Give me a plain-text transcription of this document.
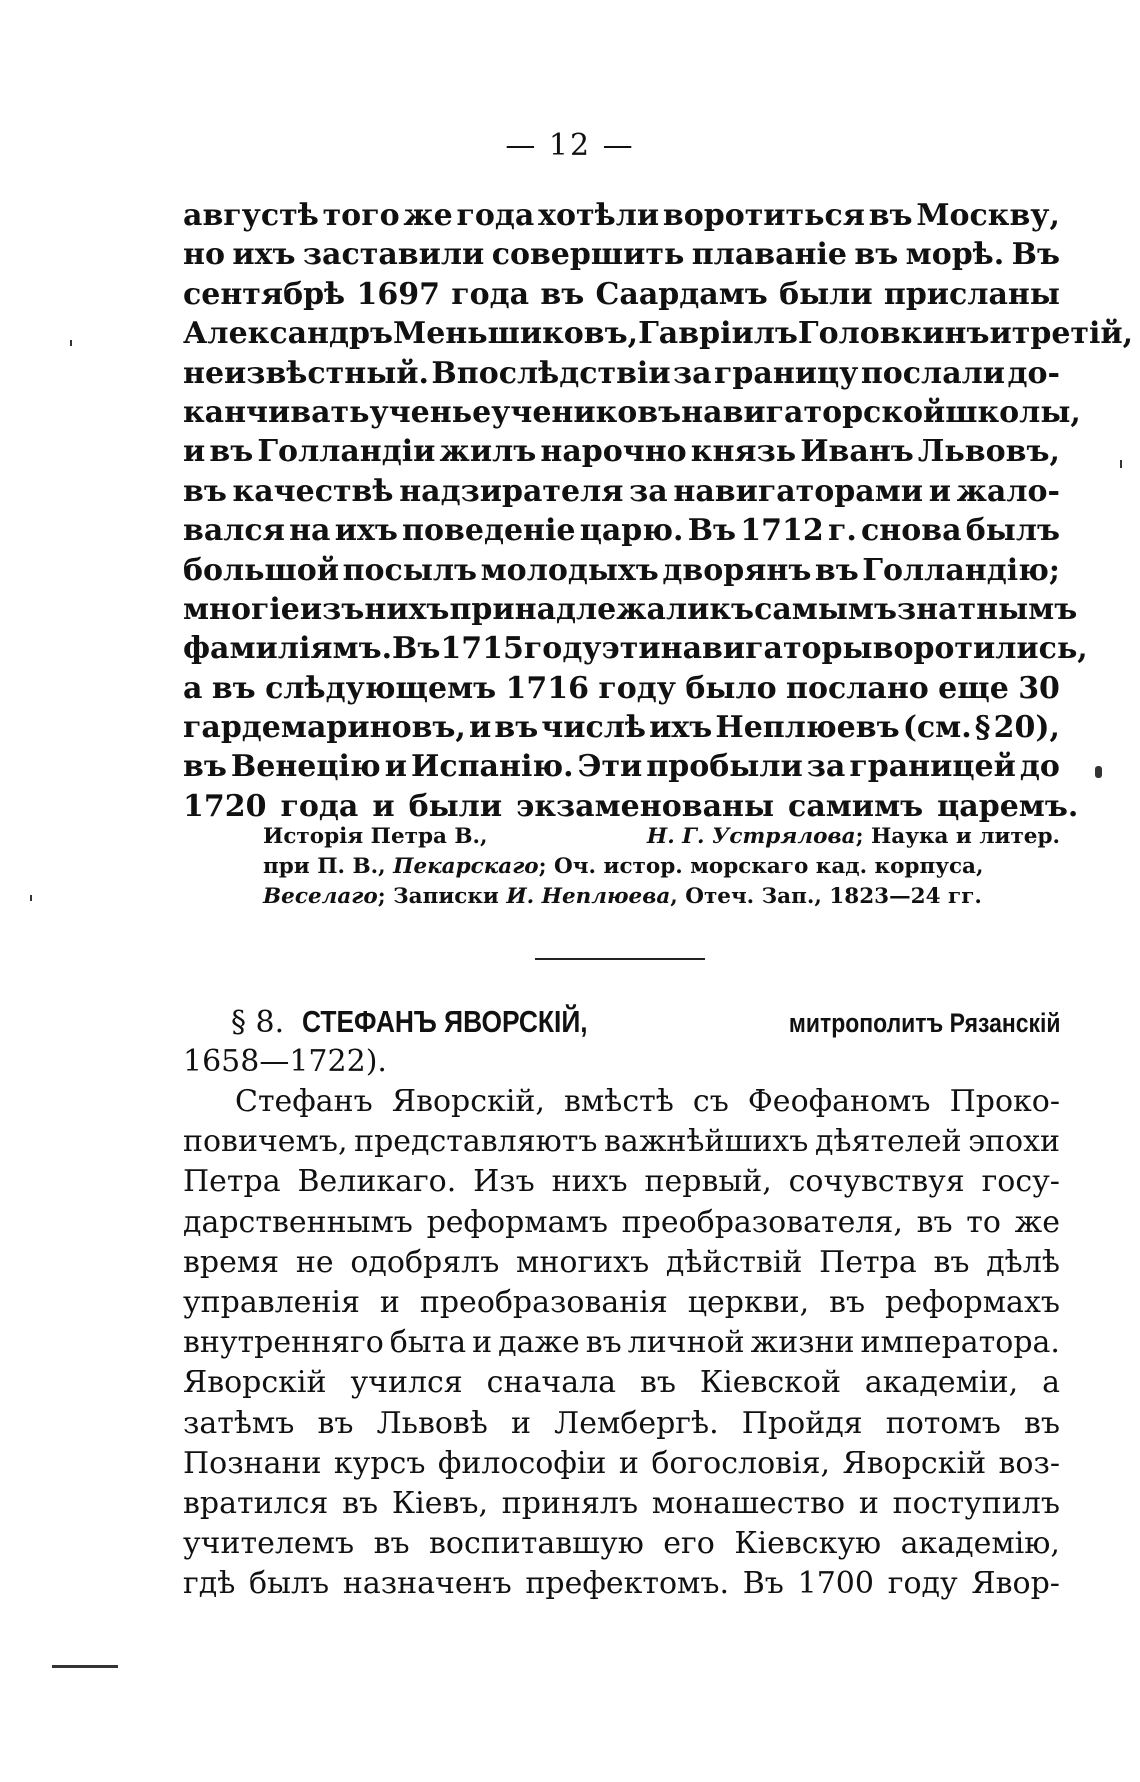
— 12 —
августѣ того же года хотѣли воротиться въ Москву,
но ихъ заставили совершить плаваніе въ морѣ. Въ
сентябрѣ 1697 года въ Саардамъ были присланы
Александръ Меньшиковъ, Гавріилъ Головкинъ и третій,
неизвѣстный. Впослѣдствіи за границу послали до-
канчивать ученье учениковъ навигаторской школы,
и въ Голландіи жилъ нарочно князь Иванъ Львовъ,
въ качествѣ надзирателя за навигаторами и жало-
вался на ихъ поведеніе царю. Въ 1712 г. снова былъ
большой посылъ молодыхъ дворянъ въ Голландію;
многіе изъ нихъ принадлежали къ самымъ знатнымъ
фамиліямъ. Въ 1715 году эти навигаторы воротились,
а въ слѣдующемъ 1716 году было послано еще 30
гардемариновъ, и въ числѣ ихъ Неплюевъ (см. § 20),
въ Венецію и Испанію. Эти пробыли за границей до
1720 года и были экзаменованы самимъ царемъ.
Исторія Петра В.,	Н. Г. Устрялова; Наука и литер.
при П. В., Пекарскаго; Оч. истор. морскаго кад. корпуса,
Веселаго; Записки И. Неплюева, Отеч. Зап., 1823—24 гг.
§ 8. СТЕФАНЪ ЯВОРСКІЙ,	митрополитъ Рязанскій
1658—1722).
Стефанъ Яворскій, вмѣстѣ съ Феофаномъ Прoко-
повичемъ, представляютъ важнѣйшихъ дѣятелей эпохи
Петра Великаго. Изъ нихъ первый, сочувствуя госу-
дарственнымъ реформамъ преобразователя, въ то же
время не одобрялъ многихъ дѣйствій Петра въ дѣлѣ
управленія и преобразованія церкви, въ реформахъ
внутренняго быта и даже въ личной жизни императора.
Яворскій учился сначала въ Кіевской академіи, а
затѣмъ въ Львовѣ и Лембергѣ. Пройдя потомъ въ
Познани курсъ философіи и богословія, Яворскій воз-
вратился въ Кіевъ, принялъ монашество и поступилъ
учителемъ въ воспитавшую его Кіевскую академію,
гдѣ былъ назначенъ префектомъ. Въ 1700 году Явор-
